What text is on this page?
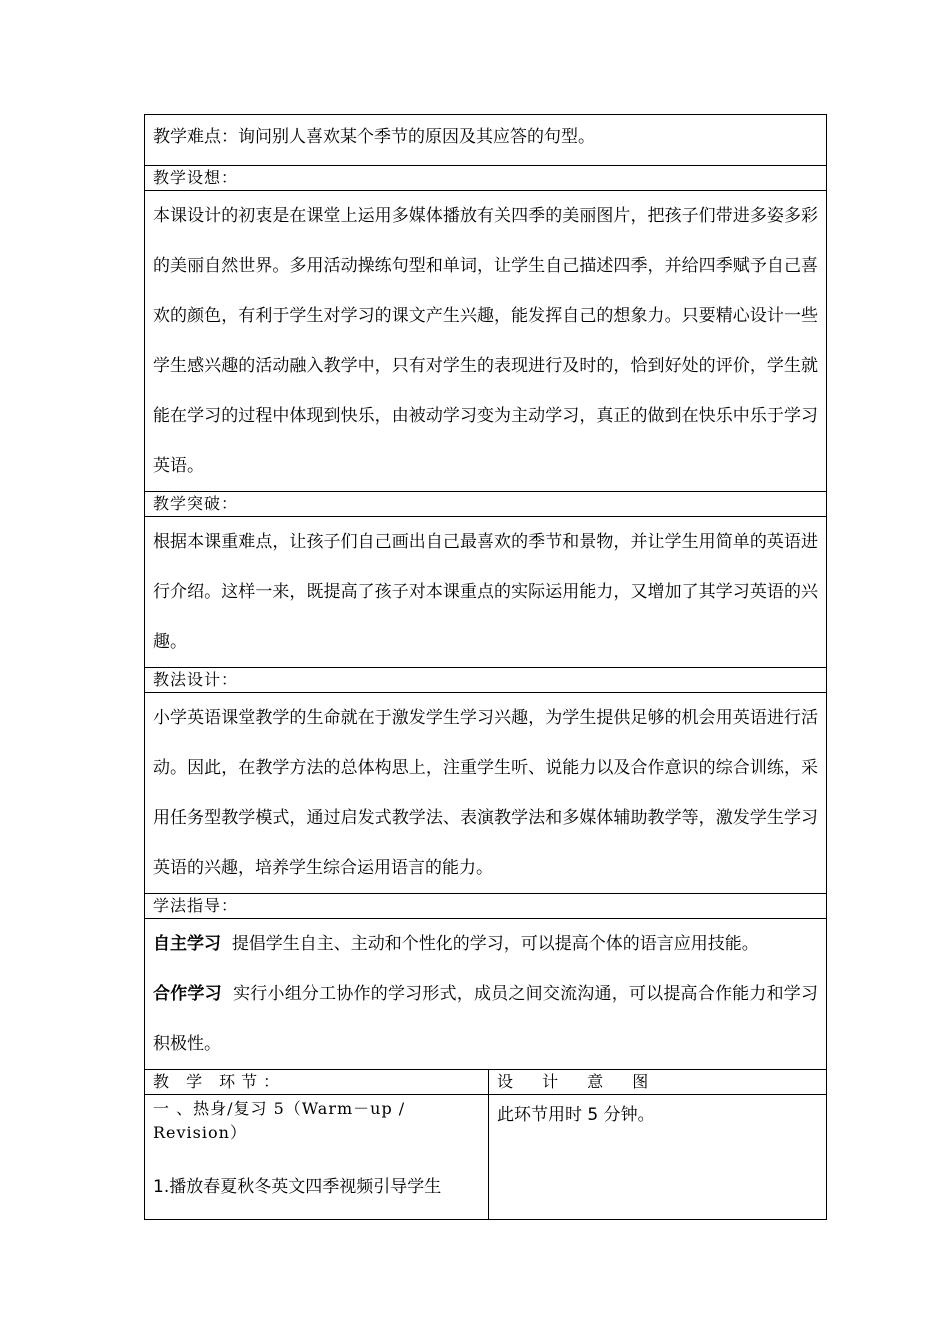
教学难点：询问别人喜欢某个季节的原因及其应答的句型。	
教学设想：	

本课设计的初衷是在课堂上运用多媒体播放有关四季的美丽图片，把孩子们带进多姿多彩的美丽自然世界。多用活动操练句型和单词，让学生自己描述四季，并给四季赋予自己喜欢的颜色，有利于学生对学习的课文产生兴趣，能发挥自己的想象力。只要精心设计一些学生感兴趣的活动融入教学中，只有对学生的表现进行及时的，恰到好处的评价，学生就能在学习的过程中体现到快乐，由被动学习变为主动学习，真正的做到在快乐中乐于学习英语。	

教学突破：	

根据本课重难点，让孩子们自己画出自己最喜欢的季节和景物，并让学生用简单的英语进行介绍。这样一来，既提高了孩子对本课重点的实际运用能力，又增加了其学习英语的兴趣。	

教法设计：	

小学英语课堂教学的生命就在于激发学生学习兴趣，为学生提供足够的机会用英语进行活动。因此，在教学方法的总体构思上，注重学生听、说能力以及合作意识的综合训练，采用任务型教学模式，通过启发式教学法、表演教学法和多媒体辅助教学等，激发学生学习英语的兴趣，培养学生综合运用语言的能力。	

学法指导：	

自主学习 提倡学生自主、主动和个性化的学习，可以提高个体的语言应用技能。

合作学习 实行小组分工协作的学习形式，成员之间交流沟通，可以提高合作能力和学习积极性。	

教 学 环节：	设 计 意 图

一 、热身/复习 5（Warm－up / Revision）
1.播放春夏秋冬英文四季视频引导学生	此环节用时 5 分钟。
